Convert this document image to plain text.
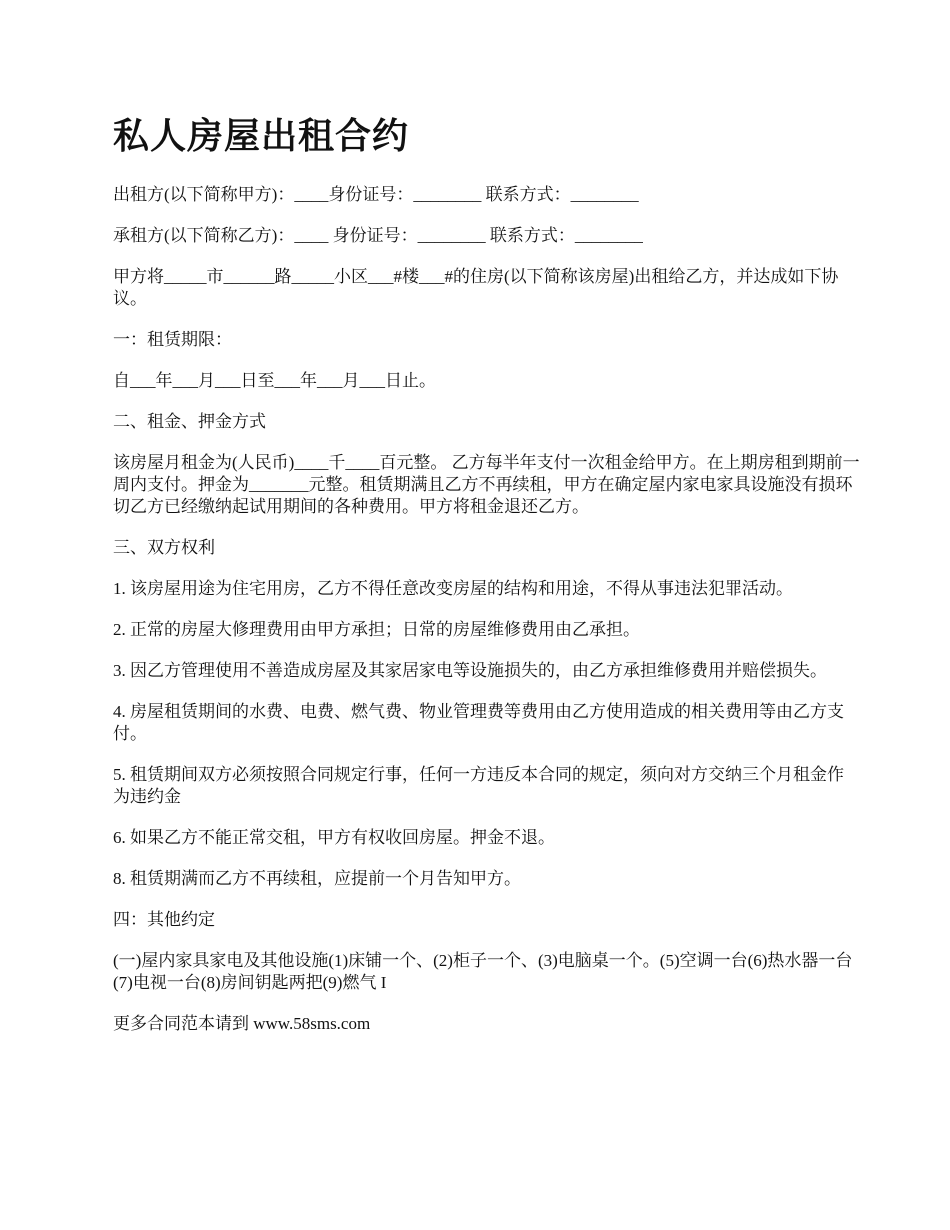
私人房屋出租合约

出租方(以下简称甲方)：____身份证号：________ 联系方式：________

承租方(以下简称乙方)：____ 身份证号：________ 联系方式：________

甲方将_____市______路_____小区___#楼___#的住房(以下简称该房屋)出租给乙方，并达成如下协议。

一：租赁期限：

自___年___月___日至___年___月___日止。

二、租金、押金方式

该房屋月租金为(人民币)____千____百元整。 乙方每半年支付一次租金给甲方。在上期房租到期前一周内支付。押金为_______元整。租赁期满且乙方不再续租，甲方在确定屋内家电家具设施没有损环切乙方已经缴纳起试用期间的各种费用。甲方将租金退还乙方。

三、双方权利

1. 该房屋用途为住宅用房，乙方不得任意改变房屋的结构和用途，不得从事违法犯罪活动。

2. 正常的房屋大修理费用由甲方承担；日常的房屋维修费用由乙承担。

3. 因乙方管理使用不善造成房屋及其家居家电等设施损失的，由乙方承担维修费用并赔偿损失。

4. 房屋租赁期间的水费、电费、燃气费、物业管理费等费用由乙方使用造成的相关费用等由乙方支付。

5. 租赁期间双方必须按照合同规定行事，任何一方违反本合同的规定，须向对方交纳三个月租金作为违约金

6. 如果乙方不能正常交租，甲方有权收回房屋。押金不退。

8. 租赁期满而乙方不再续租，应提前一个月告知甲方。

四：其他约定

(一)屋内家具家电及其他设施(1)床铺一个、(2)柜子一个、(3)电脑桌一个。(5)空调一台(6)热水器一台(7)电视一台(8)房间钥匙两把(9)燃气 I

更多合同范本请到 www.58sms.com
